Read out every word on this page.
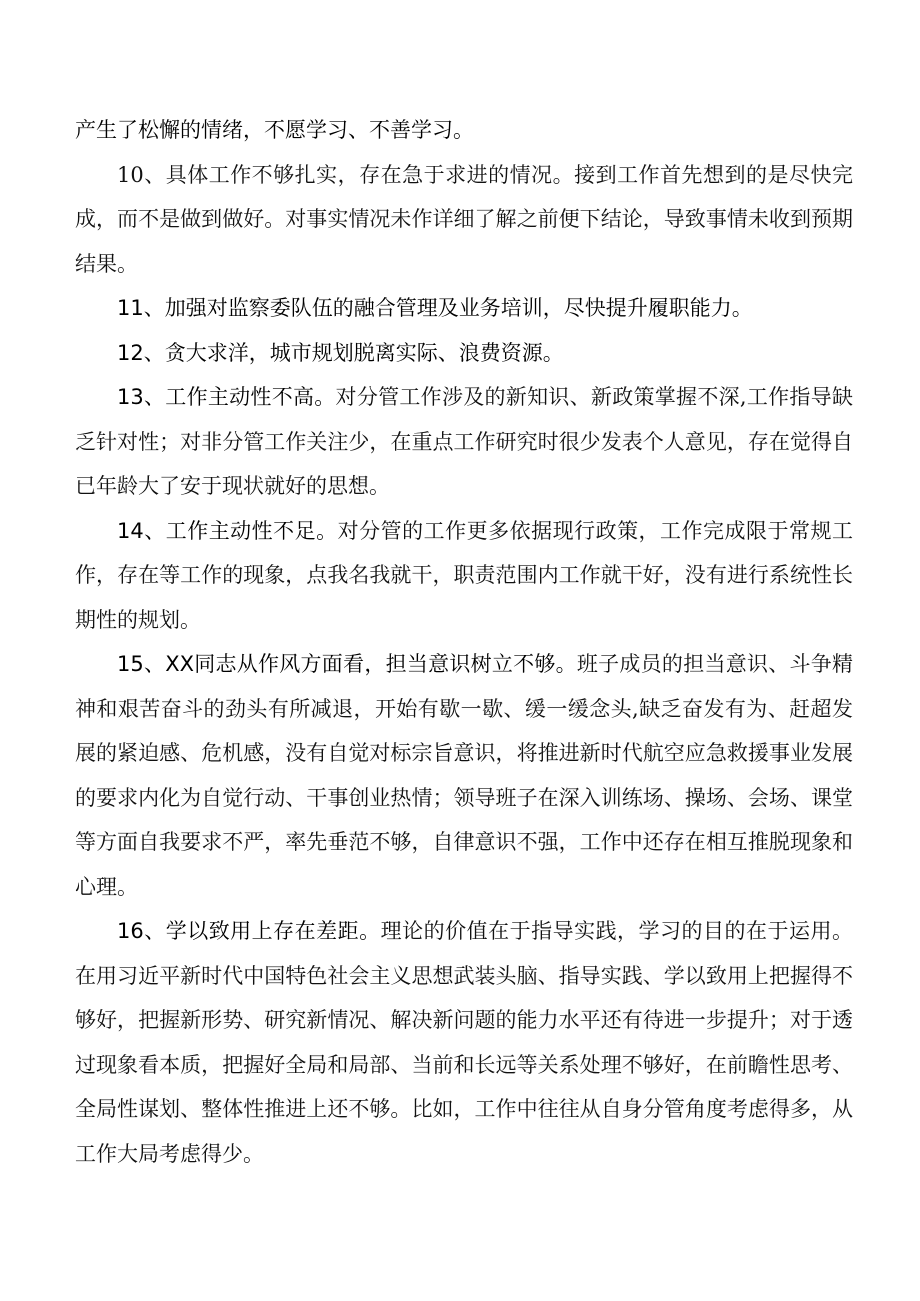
产生了松懈的情绪，不愿学习、不善学习。

10、具体工作不够扎实，存在急于求进的情况。接到工作首先想到的是尽快完成，而不是做到做好。对事实情况未作详细了解之前便下结论，导致事情未收到预期结果。

11、加强对监察委队伍的融合管理及业务培训，尽快提升履职能力。

12、贪大求洋，城市规划脱离实际、浪费资源。

13、工作主动性不高。对分管工作涉及的新知识、新政策掌握不深,工作指导缺乏针对性；对非分管工作关注少，在重点工作研究时很少发表个人意见，存在觉得自已年龄大了安于现状就好的思想。

14、工作主动性不足。对分管的工作更多依据现行政策，工作完成限于常规工作，存在等工作的现象，点我名我就干，职责范围内工作就干好，没有进行系统性长期性的规划。

15、XX同志从作风方面看，担当意识树立不够。班子成员的担当意识、斗争精神和艰苦奋斗的劲头有所减退，开始有歇一歇、缓一缓念头,缺乏奋发有为、赶超发展的紧迫感、危机感，没有自觉对标宗旨意识，将推进新时代航空应急救援事业发展的要求内化为自觉行动、干事创业热情；领导班子在深入训练场、操场、会场、课堂等方面自我要求不严，率先垂范不够，自律意识不强，工作中还存在相互推脱现象和心理。

16、学以致用上存在差距。理论的价值在于指导实践，学习的目的在于运用。在用习近平新时代中国特色社会主义思想武装头脑、指导实践、学以致用上把握得不够好，把握新形势、研究新情况、解决新问题的能力水平还有待进一步提升；对于透过现象看本质，把握好全局和局部、当前和长远等关系处理不够好，在前瞻性思考、全局性谋划、整体性推进上还不够。比如，工作中往往从自身分管角度考虑得多，从工作大局考虑得少。
